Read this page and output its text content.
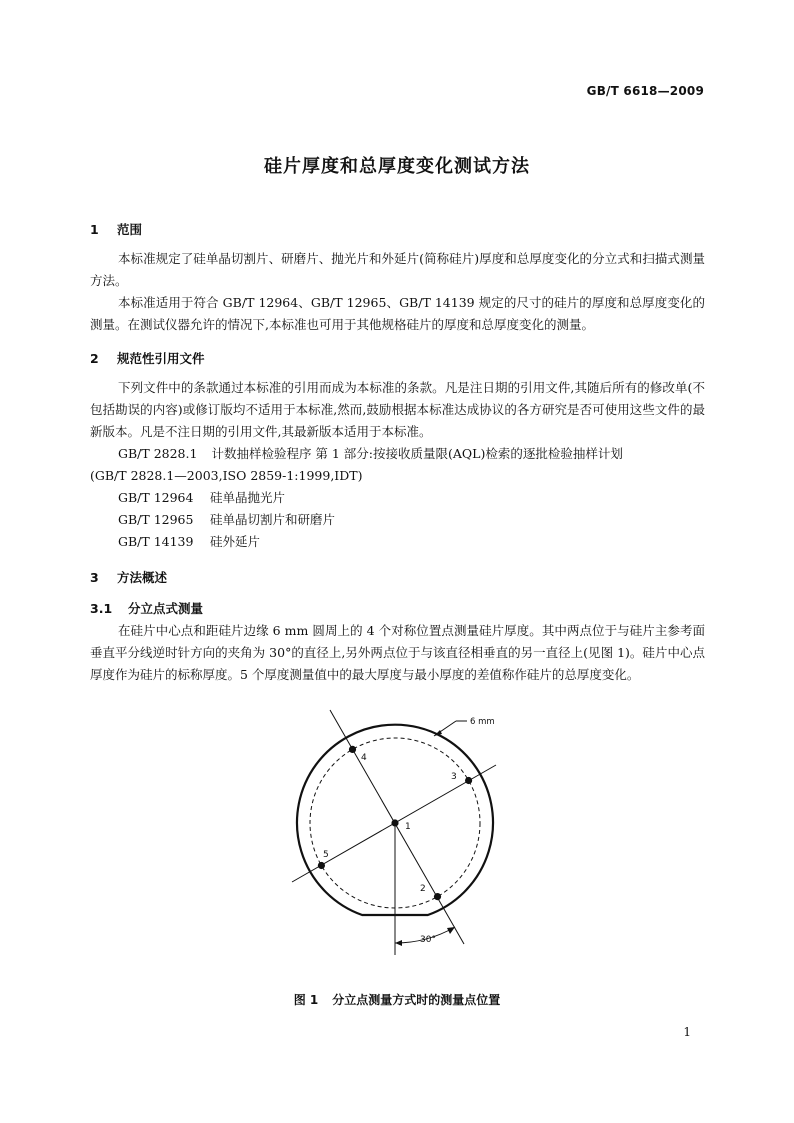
GB/T 6618—2009
硅片厚度和总厚度变化测试方法
1 范围
本标准规定了硅单晶切割片、研磨片、抛光片和外延片(简称硅片)厚度和总厚度变化的分立式和扫描式测量方法。
本标准适用于符合 GB/T 12964、GB/T 12965、GB/T 14139 规定的尺寸的硅片的厚度和总厚度变化的测量。在测试仪器允许的情况下,本标准也可用于其他规格硅片的厚度和总厚度变化的测量。
2 规范性引用文件
下列文件中的条款通过本标准的引用而成为本标准的条款。凡是注日期的引用文件,其随后所有的修改单(不包括勘误的内容)或修订版均不适用于本标准,然而,鼓励根据本标准达成协议的各方研究是否可使用这些文件的最新版本。凡是不注日期的引用文件,其最新版本适用于本标准。
GB/T 2828.1 计数抽样检验程序 第 1 部分:按接收质量限(AQL)检索的逐批检验抽样计划
(GB/T 2828.1—2003,ISO 2859-1:1999,IDT)
GB/T 12964 硅单晶抛光片
GB/T 12965 硅单晶切割片和研磨片
GB/T 14139 硅外延片
3 方法概述
3.1 分立点式测量
在硅片中心点和距硅片边缘 6 mm 圆周上的 4 个对称位置点测量硅片厚度。其中两点位于与硅片主参考面垂直平分线逆时针方向的夹角为 30°的直径上,另外两点位于与该直径相垂直的另一直径上(见图 1)。硅片中心点厚度作为硅片的标称厚度。5 个厚度测量值中的最大厚度与最小厚度的差值称作硅片的总厚度变化。
30°
6 mm
1
2
3
4
5
图 1 分立点测量方式时的测量点位置
1
